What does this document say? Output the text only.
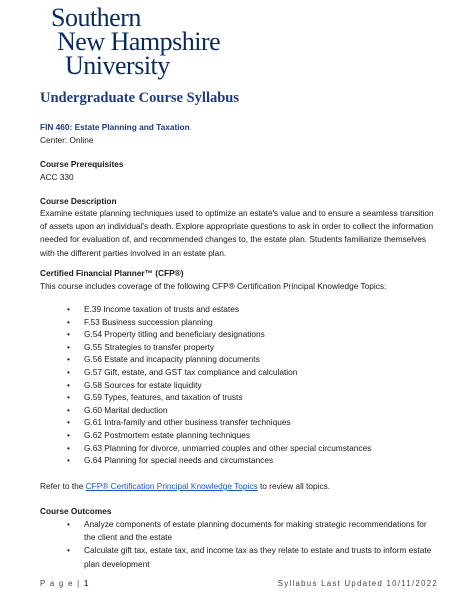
Southern
New Hampshire
University
Undergraduate Course Syllabus
FIN 460: Estate Planning and Taxation
Center: Online
Course Prerequisites
ACC 330
Course Description
Examine estate planning techniques used to optimize an estate's value and to ensure a seamless transition of assets upon an individual's death. Explore appropriate questions to ask in order to collect the information needed for evaluation of, and recommended changes to, the estate plan. Students familiarize themselves with the different parties involved in an estate plan.
Certified Financial Planner™ (CFP®)
This course includes coverage of the following CFP® Certification Principal Knowledge Topics:
• E.39 Income taxation of trusts and estates
• F.53 Business succession planning
• G.54 Property titling and beneficiary designations
• G.55 Strategies to transfer property
• G.56 Estate and incapacity planning documents
• G.57 Gift, estate, and GST tax compliance and calculation
• G.58 Sources for estate liquidity
• G.59 Types, features, and taxation of trusts
• G.60 Marital deduction
• G.61 Intra-family and other business transfer techniques
• G.62 Postmortem estate planning techniques
• G.63 Planning for divorce, unmarried couples and other special circumstances
• G.64 Planning for special needs and circumstances
Refer to the CFP® Certification Principal Knowledge Topics to review all topics.
Course Outcomes
• Analyze components of estate planning documents for making strategic recommendations for the client and the estate
• Calculate gift tax, estate tax, and income tax as they relate to estate and trusts to inform estate plan development
P a g e | 1	Syllabus Last Updated 10/11/2022
